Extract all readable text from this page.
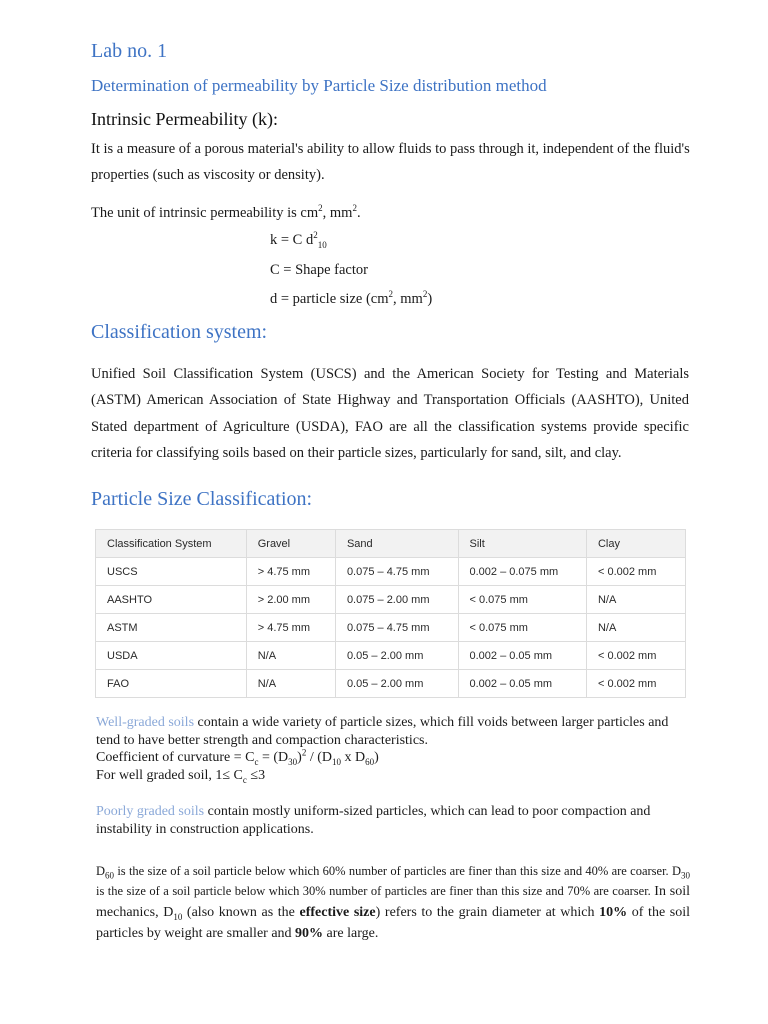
Lab no. 1
Determination of permeability by Particle Size distribution method
Intrinsic Permeability (k):
It is a measure of a porous material's ability to allow fluids to pass through it, independent of the fluid's properties (such as viscosity or density).
The unit of intrinsic permeability is $cm^2$, $mm^2$.
k = C $d^2_{10}$
C = Shape factor
d = particle size ($cm^2$, $mm^2$)
Classification system:
Unified Soil Classification System (USCS) and the American Society for Testing and Materials (ASTM) American Association of State Highway and Transportation Officials (AASHTO), United Stated department of Agriculture (USDA), FAO are all the classification systems provide specific criteria for classifying soils based on their particle sizes, particularly for sand, silt, and clay.
Particle Size Classification:
Classification System	Gravel	Sand	Silt	Clay
USCS	> 4.75 mm	0.075 – 4.75 mm	0.002 – 0.075 mm	< 0.002 mm
AASHTO	> 2.00 mm	0.075 – 2.00 mm	< 0.075 mm	N/A
ASTM	> 4.75 mm	0.075 – 4.75 mm	< 0.075 mm	N/A
USDA	N/A	0.05 – 2.00 mm	0.002 – 0.05 mm	< 0.002 mm
FAO	N/A	0.05 – 2.00 mm	0.002 – 0.05 mm	< 0.002 mm
Well-graded soils contain a wide variety of particle sizes, which fill voids between larger particles and tend to have better strength and compaction characteristics.
Coefficient of curvature = $C_c = (D_{30})^2 / (D_{10}$ x $D_{60}$)
For well graded soil, $1\le C_c \le 3$
Poorly graded soils contain mostly uniform-sized particles, which can lead to poor compaction and instability in construction applications.
$D_{60}$ is the size of a soil particle below which 60% number of particles are finer than this size and 40% are coarser. $D_{30}$ is the size of a soil particle below which 30% number of particles are finer than this size and 70% are coarser. In soil mechanics, $D_{10}$ (also known as the effective size) refers to the grain diameter at which 10% of the soil particles by weight are smaller and 90% are large.
